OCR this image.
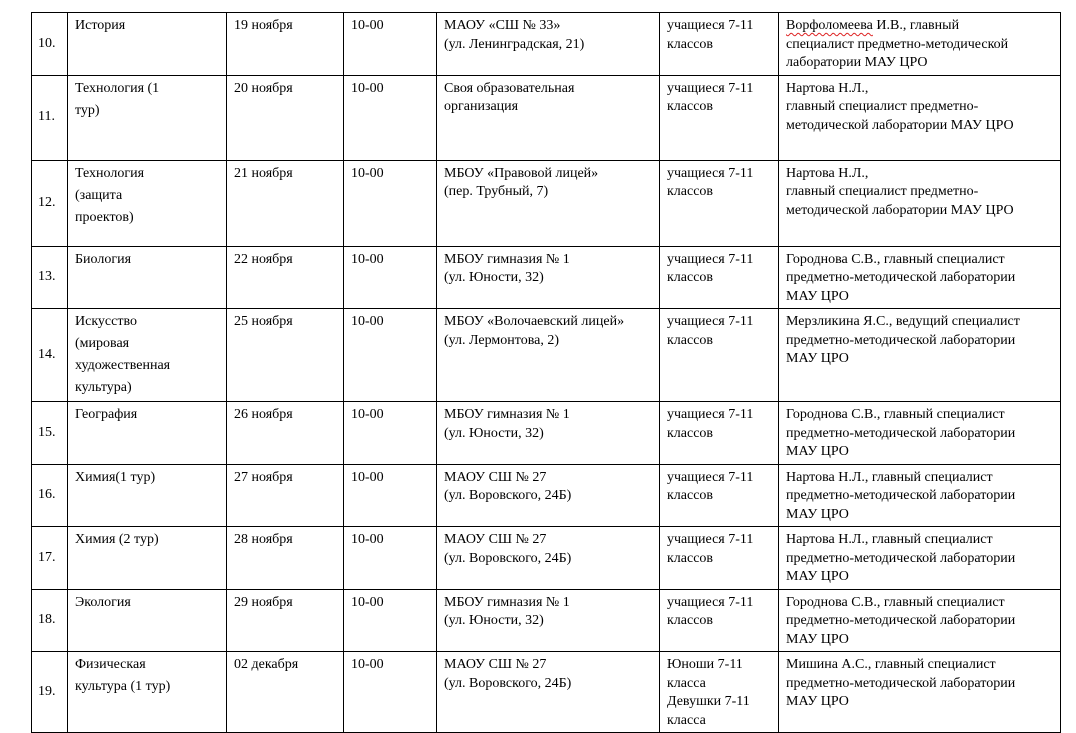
10.	История	19 ноября	10-00	МАОУ «СШ № 33»
(ул. Ленинградская, 21)	учащиеся 7-11
классов	Ворфоломеева И.В., главный
специалист предметно-методической
лаборатории МАУ ЦРО

11.	Технология (1
тур)	20 ноября	10-00	Своя образовательная
организация	учащиеся 7-11
классов	Нартова Н.Л.,
главный специалист предметно-
методической лаборатории МАУ ЦРО

12.	Технология
(защита
проектов)	21 ноября	10-00	МБОУ «Правовой лицей»
(пер. Трубный, 7)	учащиеся 7-11
классов	Нартова Н.Л.,
главный специалист предметно-
методической лаборатории МАУ ЦРО

13.	Биология	22 ноября	10-00	МБОУ гимназия № 1
(ул. Юности, 32)	учащиеся 7-11
классов	Городнова С.В., главный специалист
предметно-методической лаборатории
МАУ ЦРО

14.	Искусство
(мировая
художественная
культура)	25 ноября	10-00	МБОУ «Волочаевский лицей»
(ул. Лермонтова, 2)	учащиеся 7-11
классов	Мерзликина Я.С., ведущий специалист
предметно-методической лаборатории
МАУ ЦРО

15.	География	26 ноября	10-00	МБОУ гимназия № 1
(ул. Юности, 32)	учащиеся 7-11
классов	Городнова С.В., главный специалист
предметно-методической лаборатории
МАУ ЦРО

16.	Химия(1 тур)	27 ноября	10-00	МАОУ СШ № 27
(ул. Воровского, 24Б)	учащиеся 7-11
классов	Нартова Н.Л., главный специалист
предметно-методической лаборатории
МАУ ЦРО

17.	Химия (2 тур)	28 ноября	10-00	МАОУ СШ № 27
(ул. Воровского, 24Б)	учащиеся 7-11
классов	Нартова Н.Л., главный специалист
предметно-методической лаборатории
МАУ ЦРО

18.	Экология	29 ноября	10-00	МБОУ гимназия № 1
(ул. Юности, 32)	учащиеся 7-11
классов	Городнова С.В., главный специалист
предметно-методической лаборатории
МАУ ЦРО

19.	Физическая
культура (1 тур)	02 декабря	10-00	МАОУ СШ № 27
(ул. Воровского, 24Б)	Юноши 7-11
класса
Девушки 7-11
класса	Мишина А.С., главный специалист
предметно-методической лаборатории
МАУ ЦРО
